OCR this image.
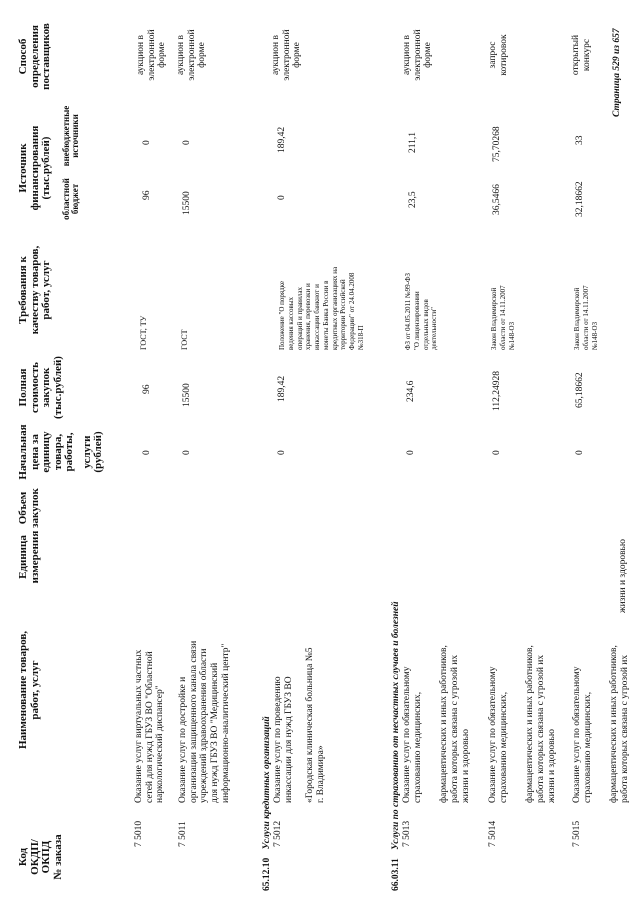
Код ОКДП/ ОКПД № заказа
Наименование товаров, работ, услуг
Единица измерения
Объем закупок
Начальная цена за единицу товара, работы, услуги (рублей)
Полная стоимость закупок (тыс.рублей)
Требования к качеству товаров, работ, услуг
Источник финансирования (тыс.рублей) областной бюджет
внебюджетные источники
Способ определения поставщиков
7 5010
Оказание услуг виртуальных частных сетей для нужд ГБУЗ ВО "Областной наркологический диспансер"
0
96
ГОСТ, ТУ
96
0
аукцион в электронной форме
7 5011
Оказание услуг по достройке и организации защищенного канала связи учреждений здравоохранения области для нужд ГБУЗ ВО "Медицинский информационно-аналитический центр"
0
15500
ГОСТ
15500
0
аукцион в электронной форме
65.12.10 Услуги кредитных организаций 7 5012
Оказание услуг по проведению инкассации для нужд ГБУЗ ВО «Городская клиническая больница №5 г. Владимира»
0
189,42
Положение "О порядке ведения кассовых операций и правилах хранения, перевозки и инкассации банкнот и монеты Банка России в кредитных организациях на территории Российской Федерации" от 24.04.2008 №318-П
0
189,42
аукцион в электронной форме
66.03.11 Услуги по страхованию от несчастных случаев и болезней 7 5013
Оказание услуг по обязательному страхованию медицинских, фармацевтических и иных работников, работа которых связана с угрозой их жизни и здоровью
0
234,6
ФЗ от 04.05.2011 №99-ФЗ "О лицензировании отдельных видов деятельности"
23,5
211,1
аукцион в электронной форме
7 5014
Оказание услуг по обязательному страхованию медицинских, фармацевтических и иных работников, работа которых связана с угрозой их жизни и здоровью
0
112,24928
Закон Владимирской области от 14.11.2007 №148-ОЗ
36,5466
75,70268
запрос котировок
7 5015
Оказание услуг по обязательному страхованию медицинских, фармацевтических и иных работников, работа которых связана с угрозой их
жизни и здоровью
0
65,18662
Закон Владимирской области от 14.11.2007 №148-ОЗ
32,18662
33
открытый конкурс Страница 529 из 657
